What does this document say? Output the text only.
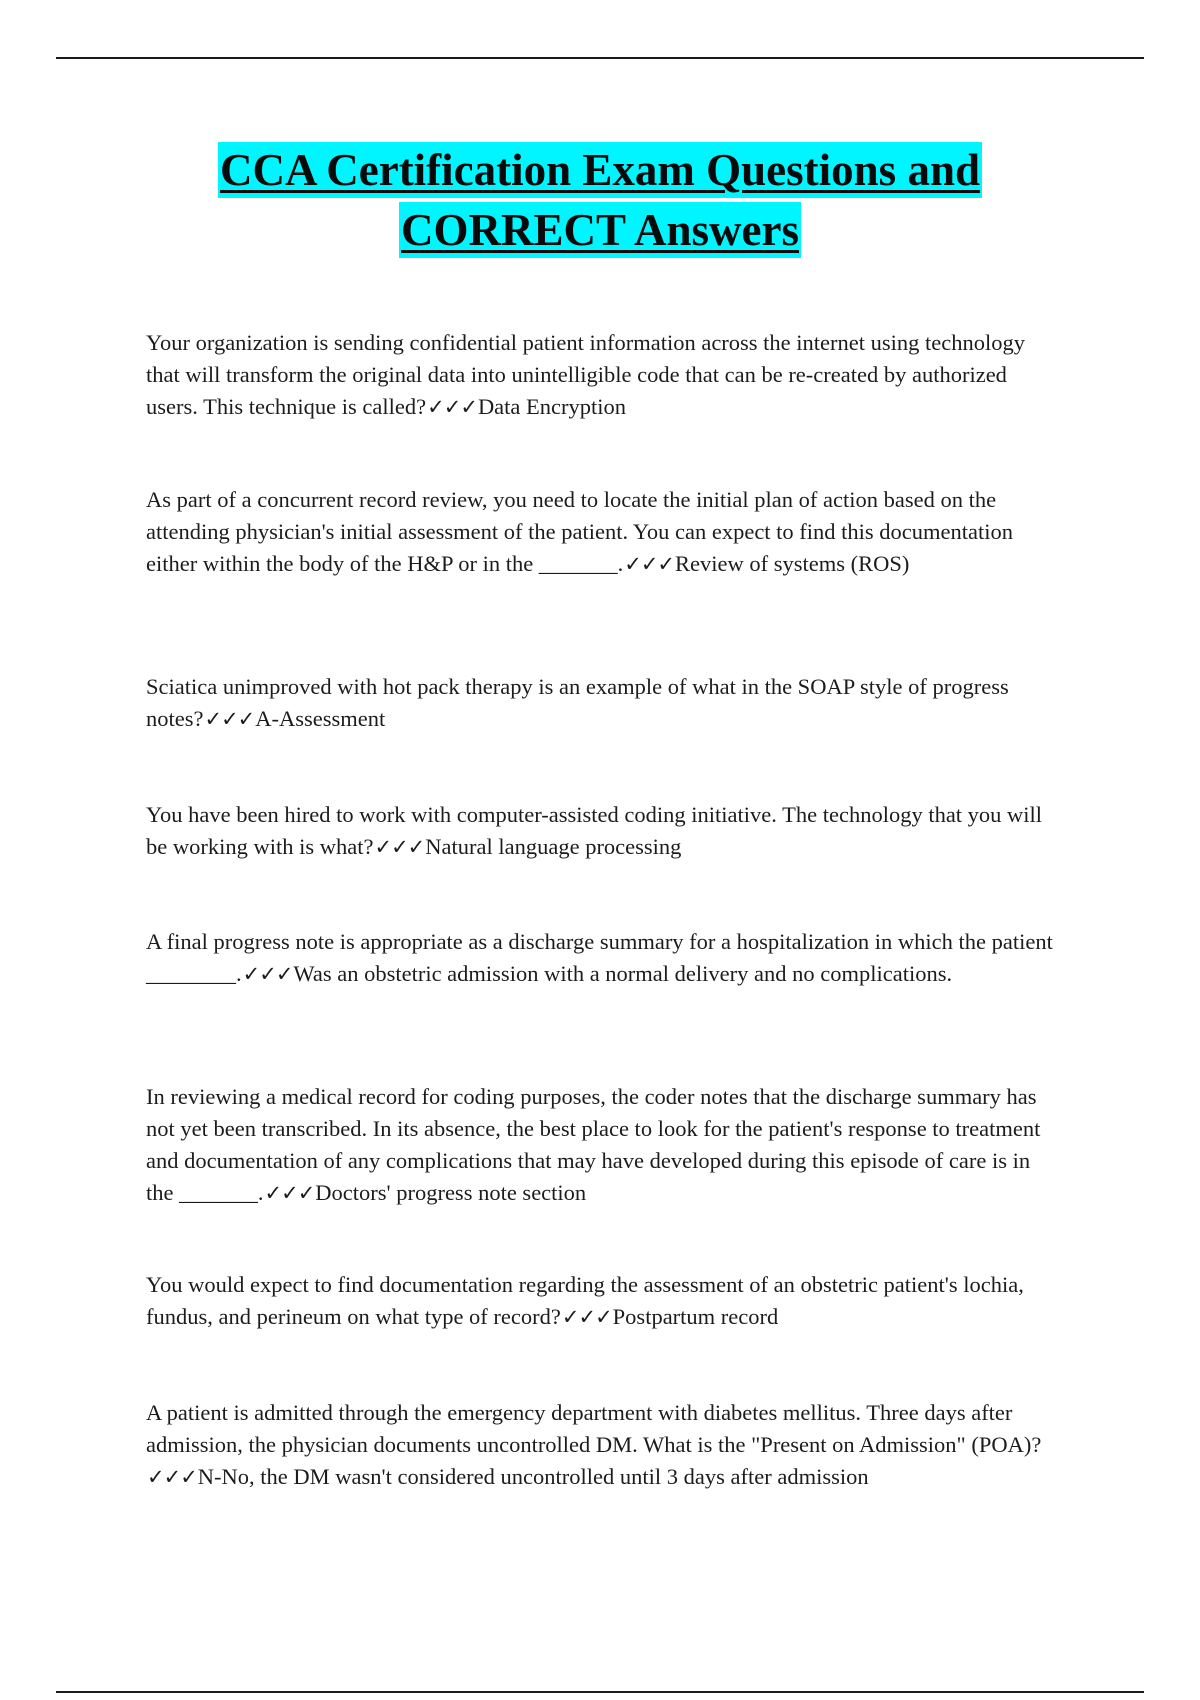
CCA Certification Exam Questions and
CORRECT Answers
Your organization is sending confidential patient information across the internet using technology that will transform the original data into unintelligible code that can be re-created by authorized users. This technique is called?✓✓✓Data Encryption
As part of a concurrent record review, you need to locate the initial plan of action based on the attending physician's initial assessment of the patient. You can expect to find this documentation either within the body of the H&P or in the _______.✓✓✓Review of systems (ROS)
Sciatica unimproved with hot pack therapy is an example of what in the SOAP style of progress notes?✓✓✓A-Assessment
You have been hired to work with computer-assisted coding initiative. The technology that you will be working with is what?✓✓✓Natural language processing
A final progress note is appropriate as a discharge summary for a hospitalization in which the patient ________.✓✓✓Was an obstetric admission with a normal delivery and no complications.
In reviewing a medical record for coding purposes, the coder notes that the discharge summary has not yet been transcribed. In its absence, the best place to look for the patient's response to treatment and documentation of any complications that may have developed during this episode of care is in the _______.✓✓✓Doctors' progress note section
You would expect to find documentation regarding the assessment of an obstetric patient's lochia, fundus, and perineum on what type of record?✓✓✓Postpartum record
A patient is admitted through the emergency department with diabetes mellitus. Three days after admission, the physician documents uncontrolled DM. What is the "Present on Admission" (POA)?✓✓✓N-No, the DM wasn't considered uncontrolled until 3 days after admission
